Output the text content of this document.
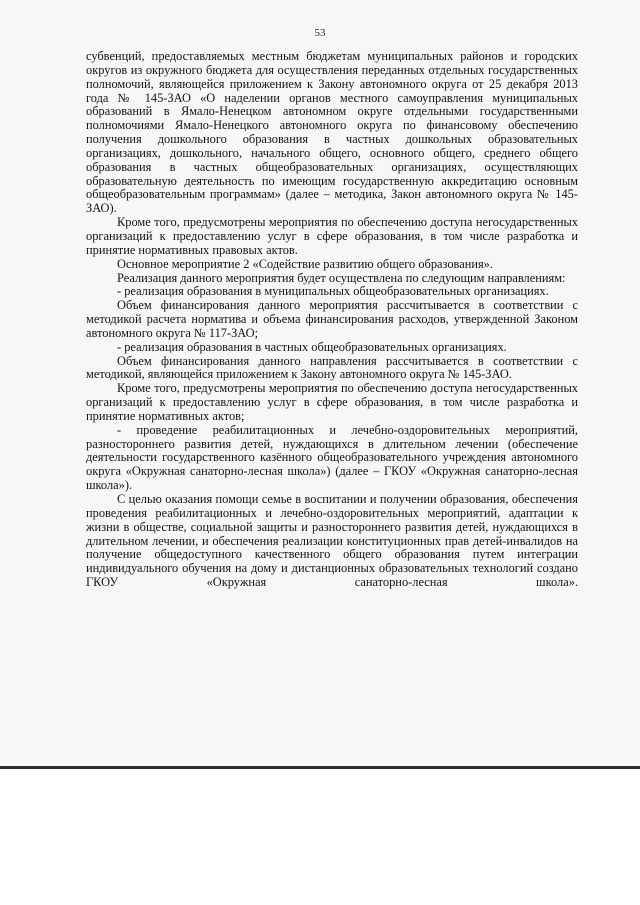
53

субвенций, предоставляемых местным бюджетам муниципальных районов и городских округов из окружного бюджета для осуществления переданных отдельных государственных полномочий, являющейся приложением к Закону автономного округа от 25 декабря 2013 года № 145-ЗАО «О наделении органов местного самоуправления муниципальных образований в Ямало-Ненецком автономном округе отдельными государственными полномочиями Ямало-Ненецкого автономного округа по финансовому обеспечению получения дошкольного образования в частных дошкольных образовательных организациях, дошкольного, начального общего, основного общего, среднего общего образования в частных общеобразовательных организациях, осуществляющих образовательную деятельность по имеющим государственную аккредитацию основным общеобразовательным программам» (далее – методика, Закон автономного округа № 145-ЗАО).

Кроме того, предусмотрены мероприятия по обеспечению доступа негосударственных организаций к предоставлению услуг в сфере образования, в том числе разработка и принятие нормативных правовых актов.

Основное мероприятие 2 «Содействие развитию общего образования».

Реализация данного мероприятия будет осуществлена по следующим направлениям:

- реализация образования в муниципальных общеобразовательных организациях.

Объем финансирования данного мероприятия рассчитывается в соответствии с методикой расчета норматива и объема финансирования расходов, утвержденной Законом автономного округа № 117-ЗАО;

- реализация образования в частных общеобразовательных организациях.

Объем финансирования данного направления рассчитывается в соответствии с методикой, являющейся приложением к Закону автономного округа № 145-ЗАО.

Кроме того, предусмотрены мероприятия по обеспечению доступа негосударственных организаций к предоставлению услуг в сфере образования, в том числе разработка и принятие нормативных актов;

- проведение реабилитационных и лечебно-оздоровительных мероприятий, разностороннего развития детей, нуждающихся в длительном лечении (обеспечение деятельности государственного казённого общеобразовательного учреждения автономного округа «Окружная санаторно-лесная школа») (далее – ГКОУ «Окружная санаторно-лесная школа»).

С целью оказания помощи семье в воспитании и получении образования, обеспечения проведения реабилитационных и лечебно-оздоровительных мероприятий, адаптации к жизни в обществе, социальной защиты и разностороннего развития детей, нуждающихся в длительном лечении, и обеспечения реализации конституционных прав детей-инвалидов на получение общедоступного качественного общего образования путем интеграции индивидуального обучения на дому и дистанционных образовательных технологий создано ГКОУ «Окружная санаторно-лесная школа».
